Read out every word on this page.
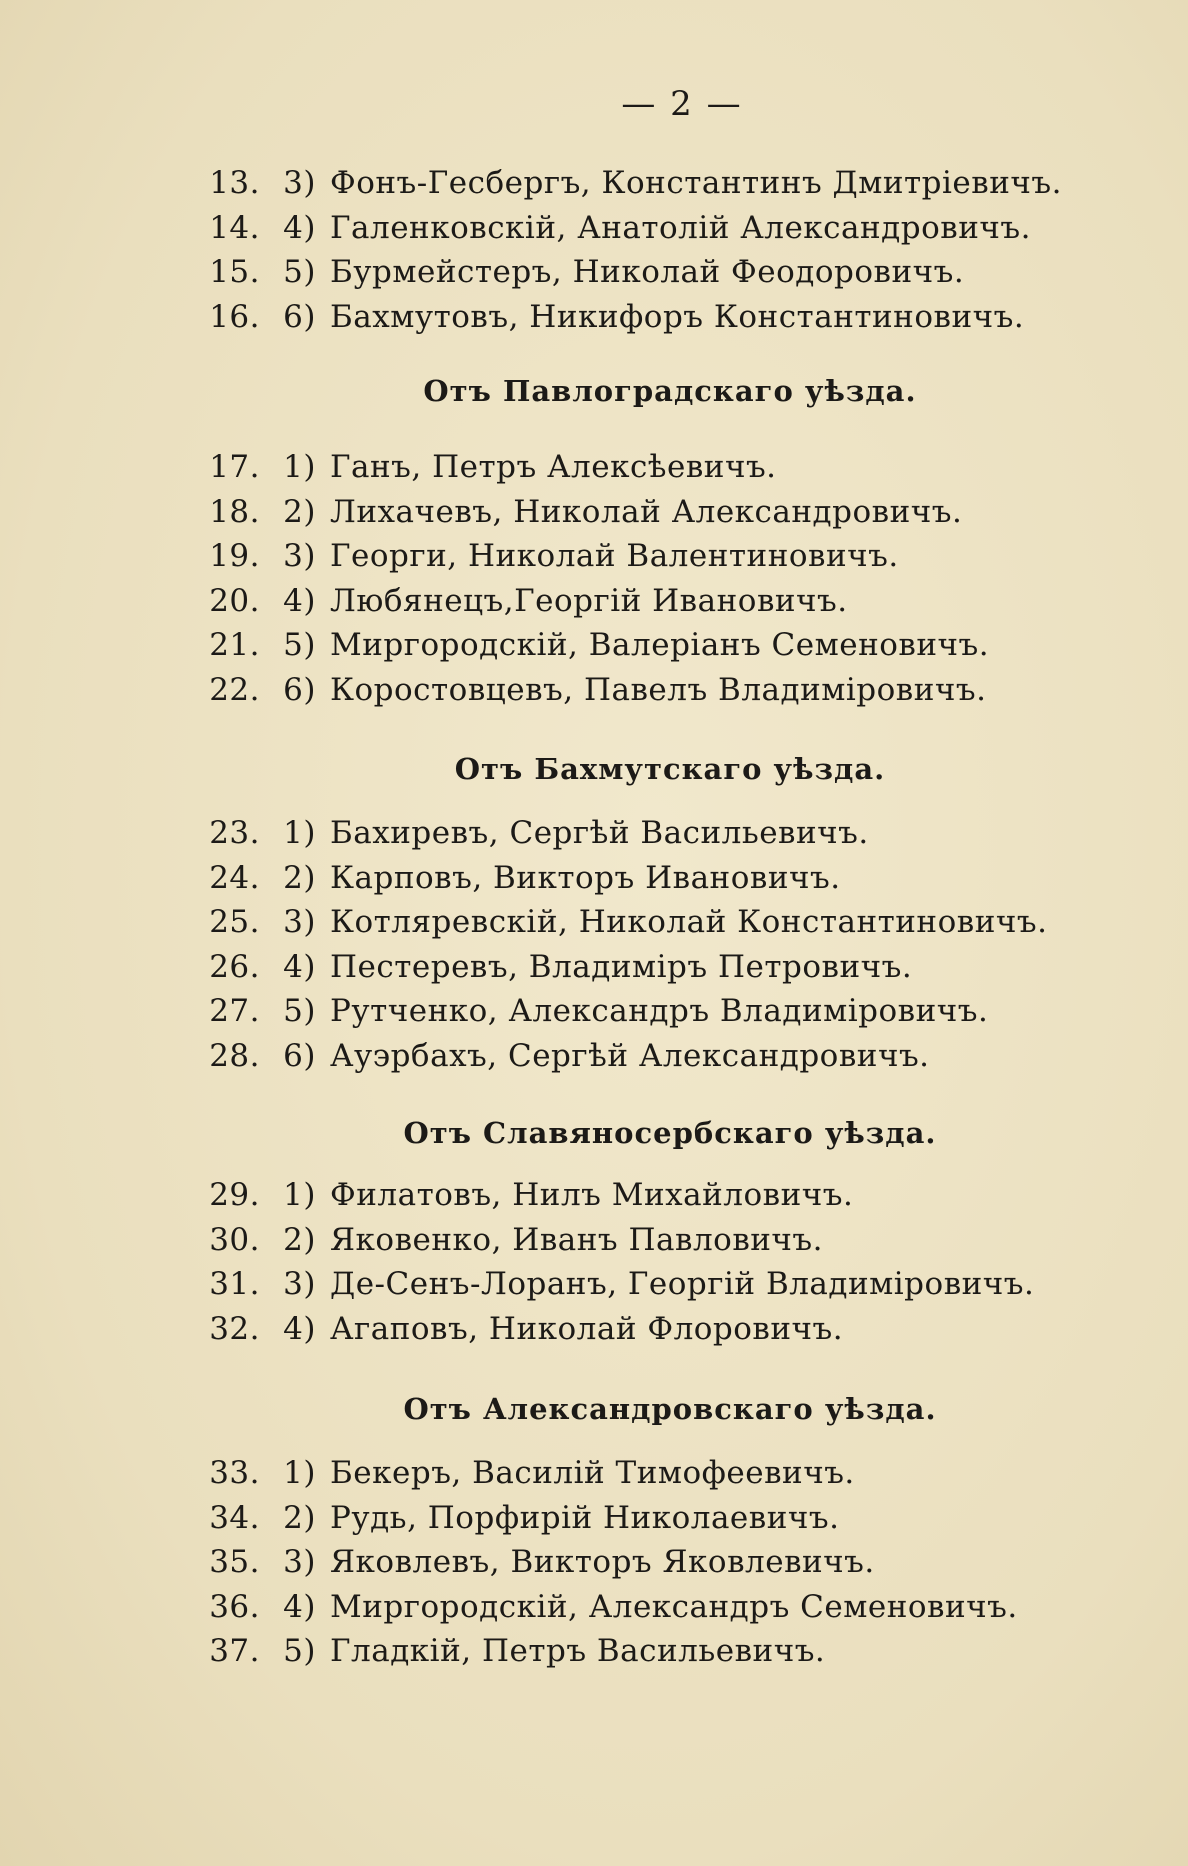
— 2 —
13. 3) Фонъ-Гесбергъ, Константинъ Дмитріевичъ.
14. 4) Галенковскій, Анатолій Александровичъ.
15. 5) Бурмейстеръ, Николай Феодоровичъ.
16. 6) Бахмутовъ, Никифоръ Константиновичъ.
Отъ Павлоградскаго уѣзда.
17. 1) Ганъ, Петръ Алексѣевичъ.
18. 2) Лихачевъ, Николай Александровичъ.
19. 3) Георги, Николай Валентиновичъ.
20. 4) Любянецъ,Георгій Ивановичъ.
21. 5) Миргородскій, Валеріанъ Семеновичъ.
22. 6) Коростовцевъ, Павелъ Владиміровичъ.
Отъ Бахмутскаго уѣзда.
23. 1) Бахиревъ, Сергѣй Васильевичъ.
24. 2) Карповъ, Викторъ Ивановичъ.
25. 3) Котляревскій, Николай Константиновичъ.
26. 4) Пестеревъ, Владиміръ Петровичъ.
27. 5) Рутченко, Александръ Владиміровичъ.
28. 6) Ауэрбахъ, Сергѣй Александровичъ.
Отъ Славяносербскаго уѣзда.
29. 1) Филатовъ, Нилъ Михайловичъ.
30. 2) Яковенко, Иванъ Павловичъ.
31. 3) Де-Сенъ-Лоранъ, Георгій Владиміровичъ.
32. 4) Агаповъ, Николай Флоровичъ.
Отъ Александровскаго уѣзда.
33. 1) Бекеръ, Василій Тимофеевичъ.
34. 2) Рудь, Порфирій Николаевичъ.
35. 3) Яковлевъ, Викторъ Яковлевичъ.
36. 4) Миргородскій, Александръ Семеновичъ.
37. 5) Гладкій, Петръ Васильевичъ.
